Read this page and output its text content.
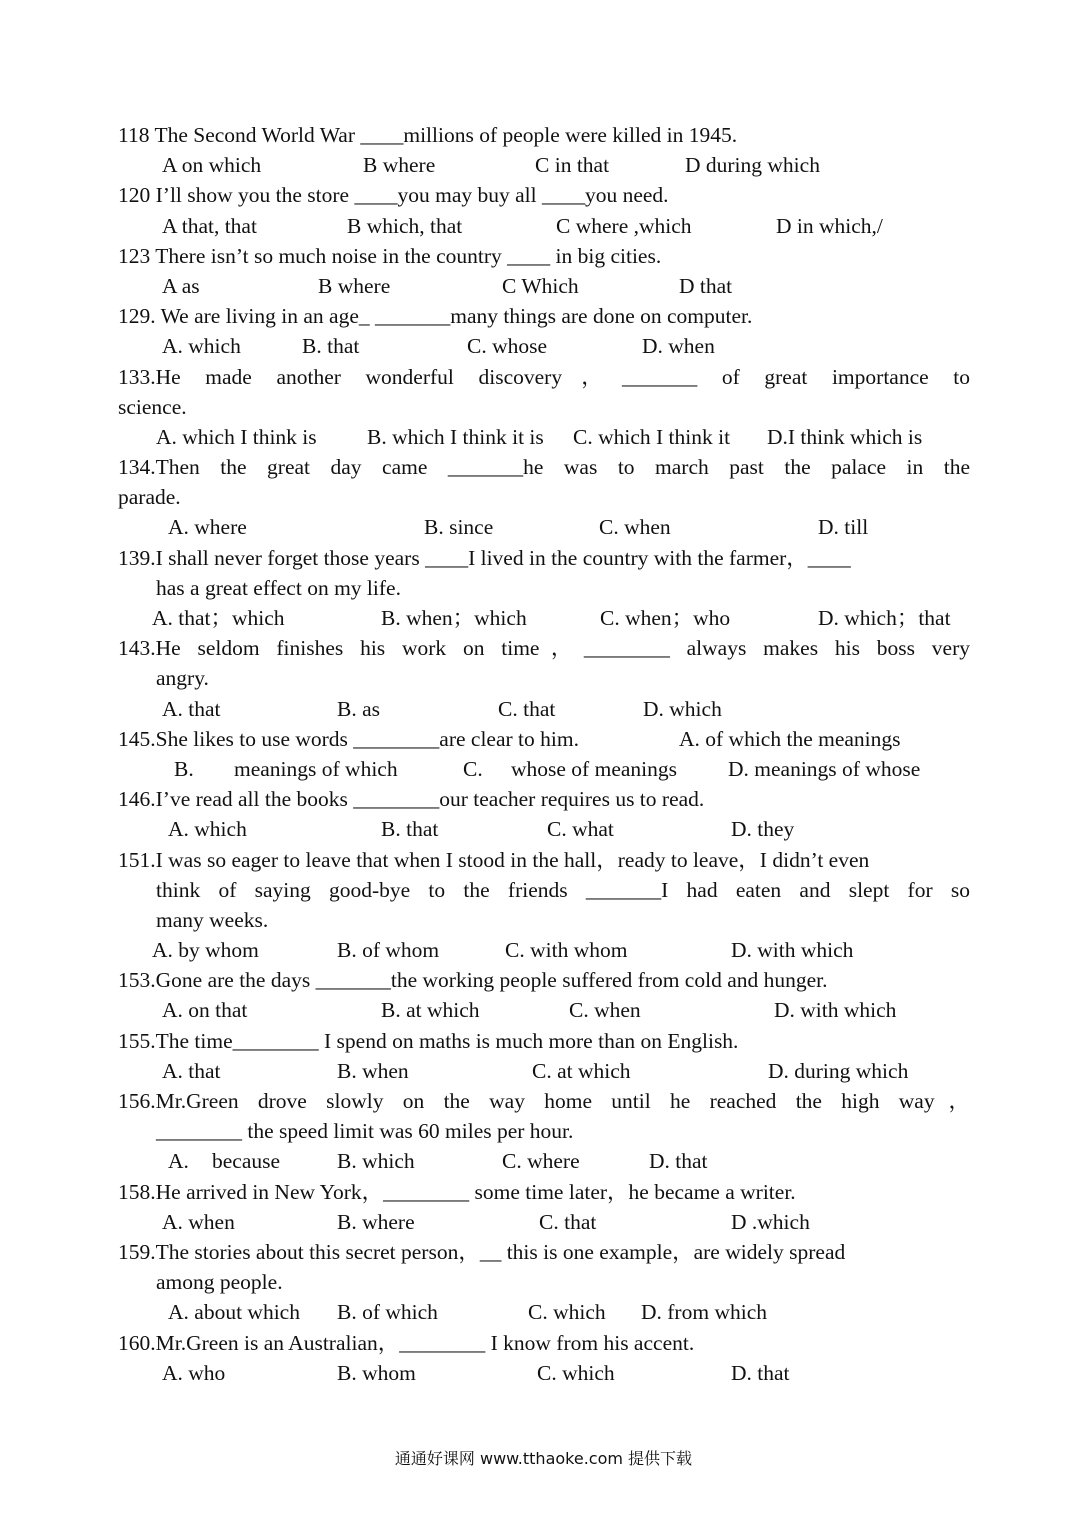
118 The Second World War ____millions of people were killed in 1945.
A on which	B where	C in that	D during which
120 I’ll show you the store ____you may buy all ____you need.
A that, that	B which, that	C where ,which	D in which,/
123 There isn’t so much noise in the country ____ in big cities.
A as	B where	C Which	D that
129. We are living in an age_ _______many things are done on computer.
A. which	B. that	C. whose	D. when
133.He made another wonderful discovery，_______ of great importance to
science.
A. which I think is	B. which I think it is	C. which I think it	D.I think which is
134.Then the great day came _______he was to march past the palace in the
parade.
A. where	B. since	C. when	D. till
139.I shall never forget those years ____I lived in the country with the farmer，____
has a great effect on my life.
A. that；which	B. when；which	C. when；who	D. which；that
143.He seldom finishes his work on time，________ always makes his boss very
angry.
A. that	B. as	C. that	D. which
145.She likes to use words ________are clear to him.	A. of which the meanings
B.	meanings of which	C.	whose of meanings	D. meanings of whose
146.I’ve read all the books ________our teacher requires us to read.
A. which	B. that	C. what	D. they
151.I was so eager to leave that when I stood in the hall，ready to leave，I didn’t even
think of saying good-bye to the friends _______I had eaten and slept for so
many weeks.
A. by whom	B. of whom	C. with whom	D. with which
153.Gone are the days _______the working people suffered from cold and hunger.
A. on that	B. at which	C. when	D. with which
155.The time________ I spend on maths is much more than on English.
A. that	B. when	C. at which	D. during which
156.Mr.Green drove slowly on the way home until he reached the high way，
________ the speed limit was 60 miles per hour.
A.	because	B. which	C. where	D. that
158.He arrived in New York，________ some time later，he became a writer.
A. when	B. where	C. that	D .which
159.The stories about this secret person，__ this is one example，are widely spread
among people.
A. about which	B. of which	C. which	D. from which
160.Mr.Green is an Australian，________ I know from his accent.
A. who	B. whom	C. which	D. that
通通好课网 www.tthaoke.com 提供下载
